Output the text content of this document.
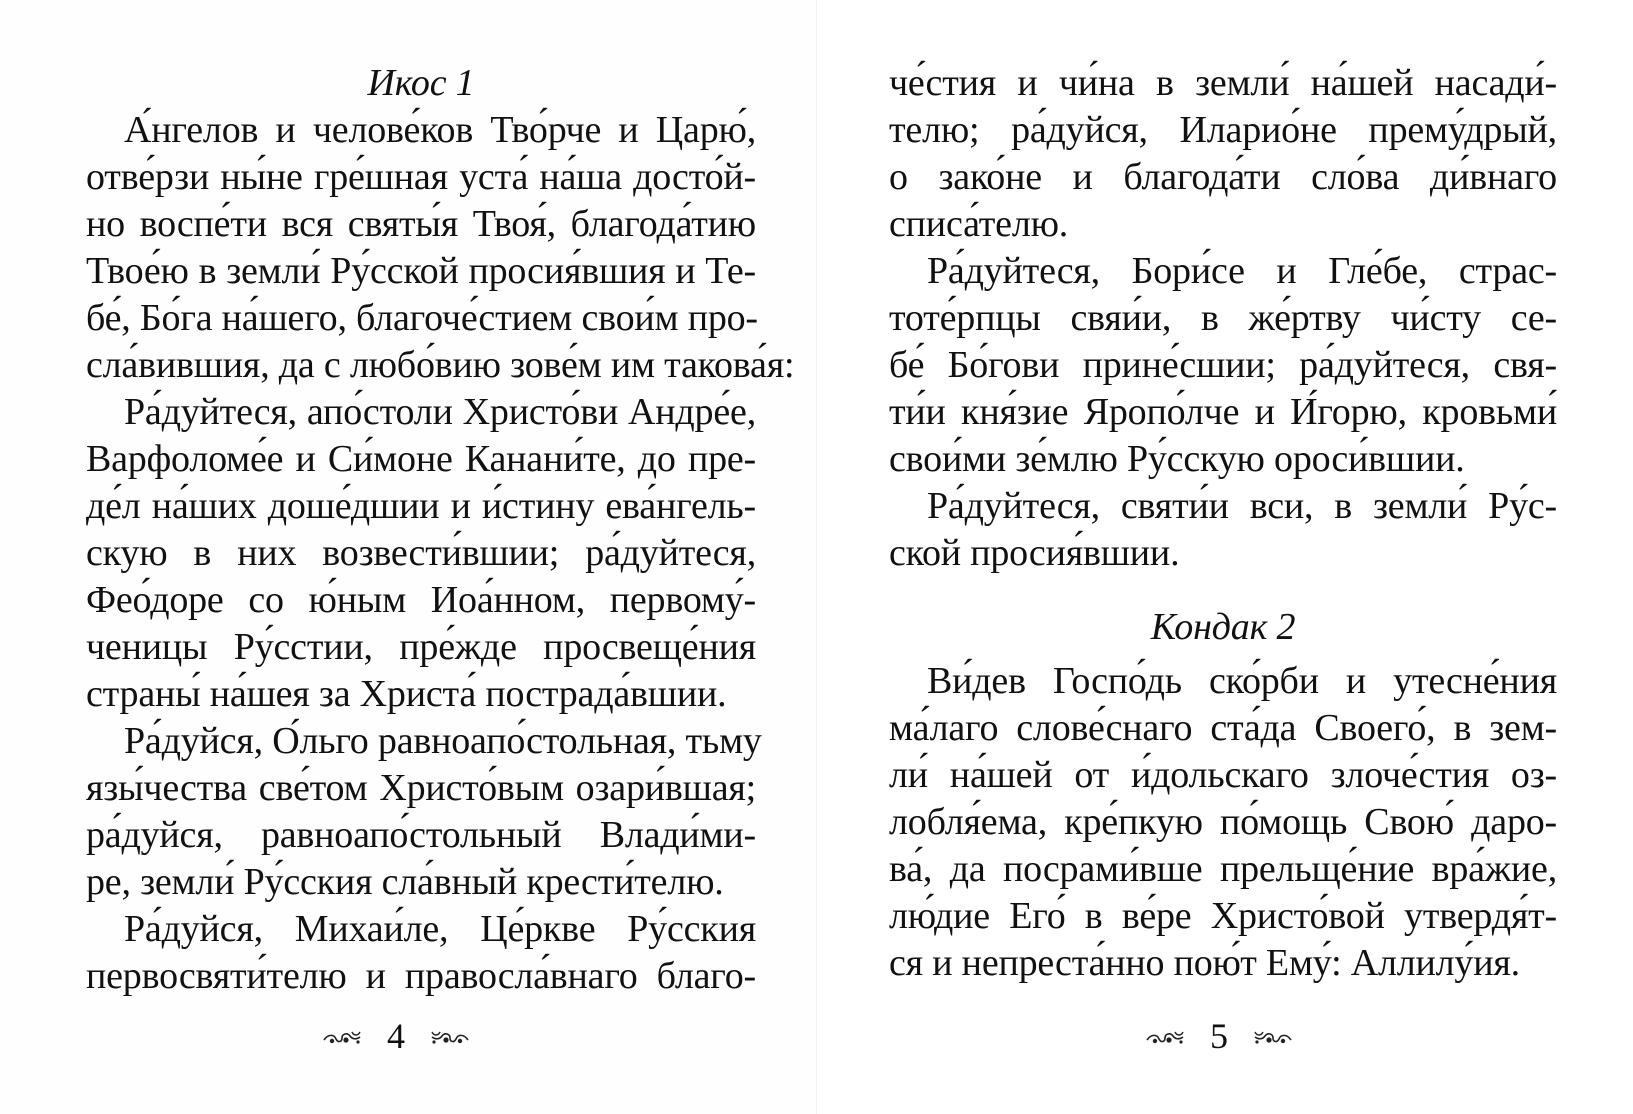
Икос 1

А́нгелов и челове́ков Тво́рче и Царю́,
отве́рзи ны́не гре́шная уста́ на́ша досто́й-
но воспе́ти вся святы́я Твоя́, благода́тию
Твое́ю в земли́ Ру́сской просия́вшия и Те-
бе́, Бо́га на́шего, благоче́стием свои́м про-
сла́вившия, да с любо́вию зове́м им такова́я:

Ра́дуйтеся, апо́столи Христо́ви Андре́е,
Варфоломе́е и Си́моне Канани́те, до пре-
де́л на́ших доше́дшии и и́стину ева́нгель-
скую в них возвести́вшии; ра́дуйтеся,
Фео́доре со ю́ным Иоа́нном, первому́-
ченицы Ру́сстии, пре́жде просвеще́ния
страны́ на́шея за Христа́ пострада́вшии.

Ра́дуйся, О́льго равноапо́стольная, тьму
язы́чества све́том Христо́вым озари́вшая;
ра́дуйся, равноапо́стольный Влади́ми-
ре, земли́ Ру́сския сла́вный крести́телю.

Ра́дуйся, Михаи́ле, Це́ркве Ру́сския
первосвяти́телю и правосла́внаго благо-

4

че́стия и чи́на в земли́ на́шей насади́-
телю; ра́дуйся, Иларио́не прему́дрый,
о зако́не и благода́ти сло́ва ди́внаго
списа́телю.

Ра́дуйтеся, Бори́се и Гле́бе, страс-
тоте́рпцы свяи́и, в же́ртву чи́сту се-
бе́ Бо́гови прине́сшии; ра́дуйтеся, свя-
ти́и кня́зие Яропо́лче и И́горю, кровьми́
свои́ми зе́млю Ру́сскую ороси́вшии.

Ра́дуйтеся, святи́и вси, в земли́ Ру́с-
ской просия́вшии.

Кондак 2

Ви́дев Госпо́дь ско́рби и утесне́ния
ма́лаго слове́снаго ста́да Своего́, в зем-
ли́ на́шей от и́дольскаго злоче́стия оз-
лобля́ема, кре́пкую по́мощь Свою́ даро-
ва́, да посрами́вше прельще́ние вра́жие,
лю́дие Его́ в ве́ре Христо́вой утвердя́т-
ся и непреста́нно пою́т Ему́: Аллилу́ия.

5
